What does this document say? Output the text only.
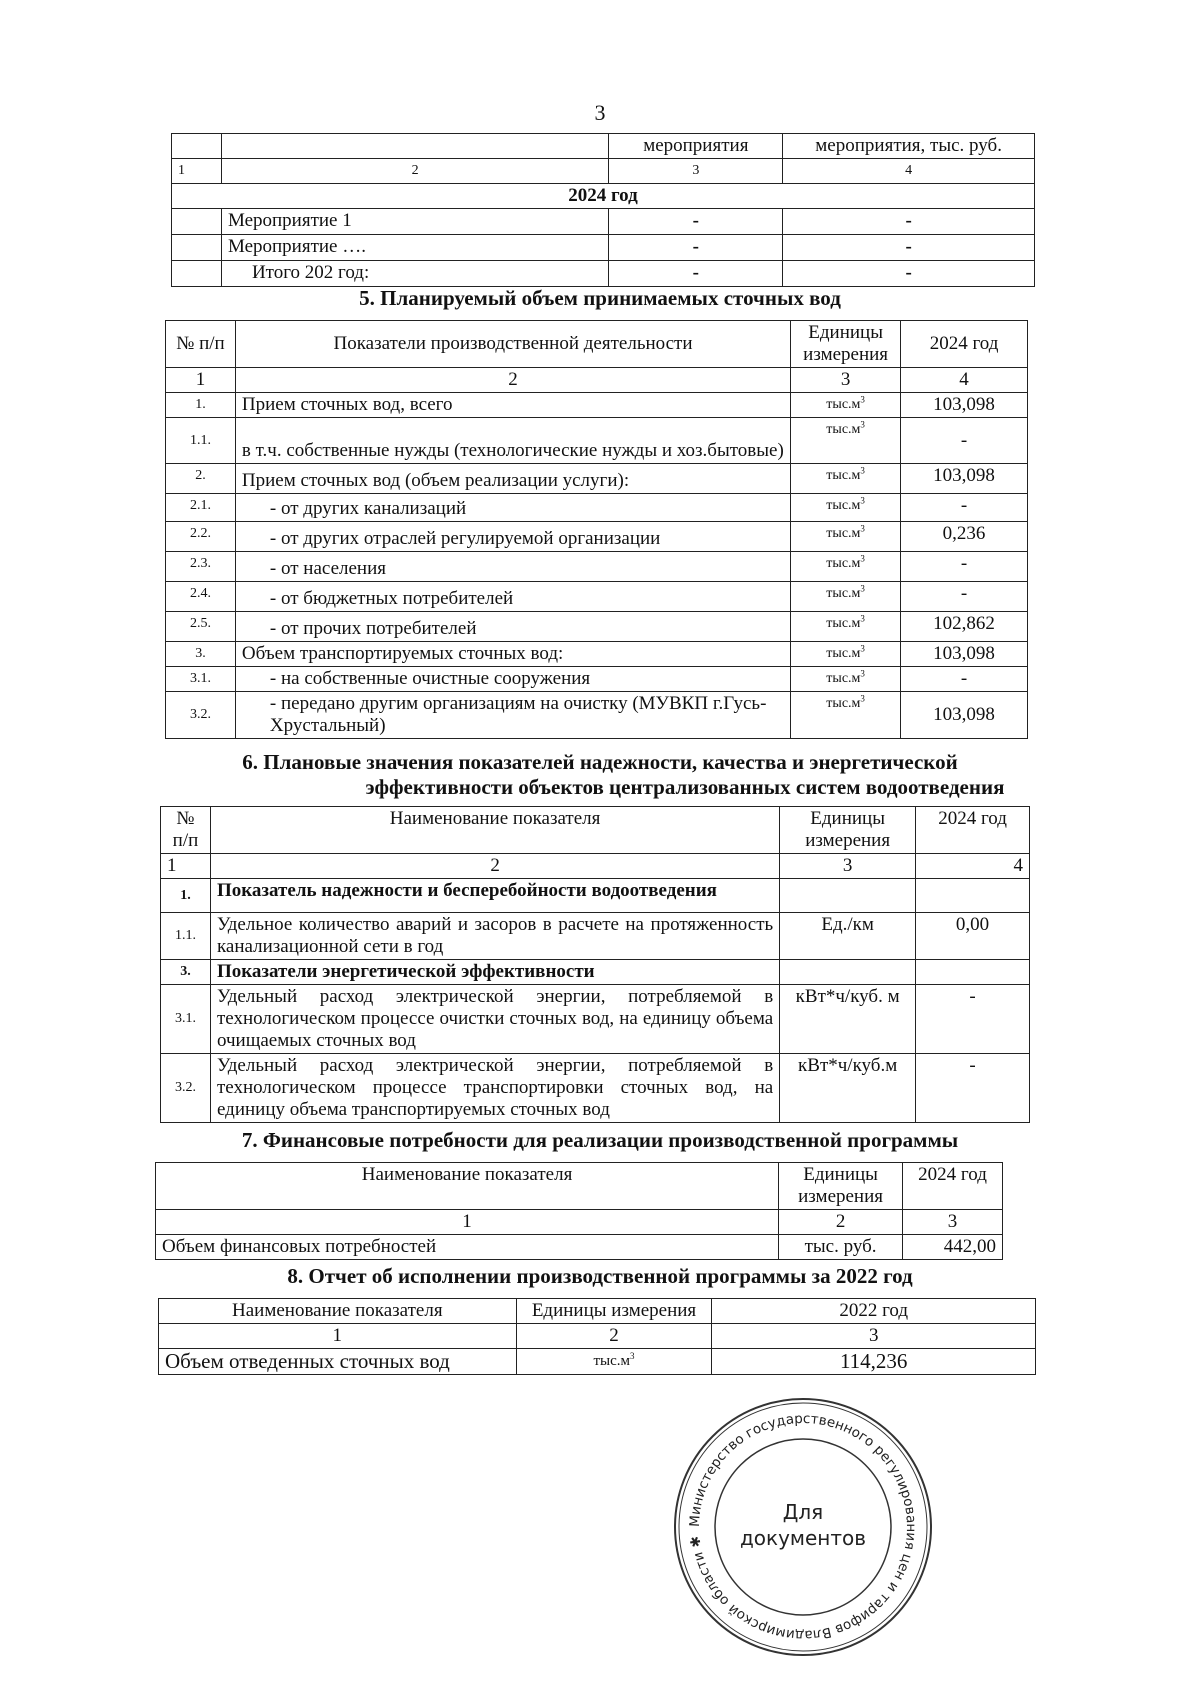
3
		мероприятия	мероприятия, тыс. руб.
1	2	3	4
2024 год			
	Мероприятие 1	-	-
	Мероприятие ….	-	-
	Итого 202 год:	-	-
5. Планируемый объем принимаемых сточных вод
№ п/п	Показатели производственной деятельности	Единицы измерения	2024 год
1	2	3	4
1.	Прием сточных вод, всего	$тыс.м^3$	103,098
1.1.	в т.ч. собственные нужды (технологические нужды и хоз.бытовые)	$тыс.м^3$	-
2.	Прием сточных вод (объем реализации услуги):	$тыс.м^3$	103,098
2.1.	- от других канализаций	$тыс.м^3$	-
2.2.	- от других отраслей регулируемой организации	$тыс.м^3$	0,236
2.3.	- от населения	$тыс.м^3$	-
2.4.	- от бюджетных потребителей	$тыс.м^3$	-
2.5.	- от прочих потребителей	$тыс.м^3$	102,862
3.	Объем транспортируемых сточных вод:	$тыс.м^3$	103,098
3.1.	- на собственные очистные сооружения	$тыс.м^3$	-
3.2.	- передано другим организациям на очистку (МУВКП г.Гусь-Хрустальный)	$тыс.м^3$	103,098
6. Плановые значения показателей надежности, качества и энергетической
эффективности объектов централизованных систем водоотведения
№ п/п	Наименование показателя	Единицы измерения	2024 год
1	2	3	4
1.	Показатель надежности и бесперебойности водоотведения		
1.1.	Удельное количество аварий и засоров в расчете на протяженность канализационной сети в год	Ед./км	0,00
3.	Показатели энергетической эффективности		
3.1.	Удельный расход электрической энергии, потребляемой в технологическом процессе очистки сточных вод, на единицу объема очищаемых сточных вод	кВт*ч/куб. м	-
3.2.	Удельный расход электрической энергии, потребляемой в технологическом процессе транспортировки сточных вод, на единицу объема транспортируемых сточных вод	кВт*ч/куб.м	-
7. Финансовые потребности для реализации производственной программы
Наименование показателя	Единицы измерения	2024 год
1	2	3
Объем финансовых потребностей	тыс. руб.	442,00
8. Отчет об исполнении производственной программы за 2022 год
Наименование показателя	Единицы измерения	2022 год
1	2	3
Объем отведенных сточных вод	$тыс.м^3$	114,236
Министерство государственного регулирования цен и тарифов Владимирской области ✱
Для
документов
